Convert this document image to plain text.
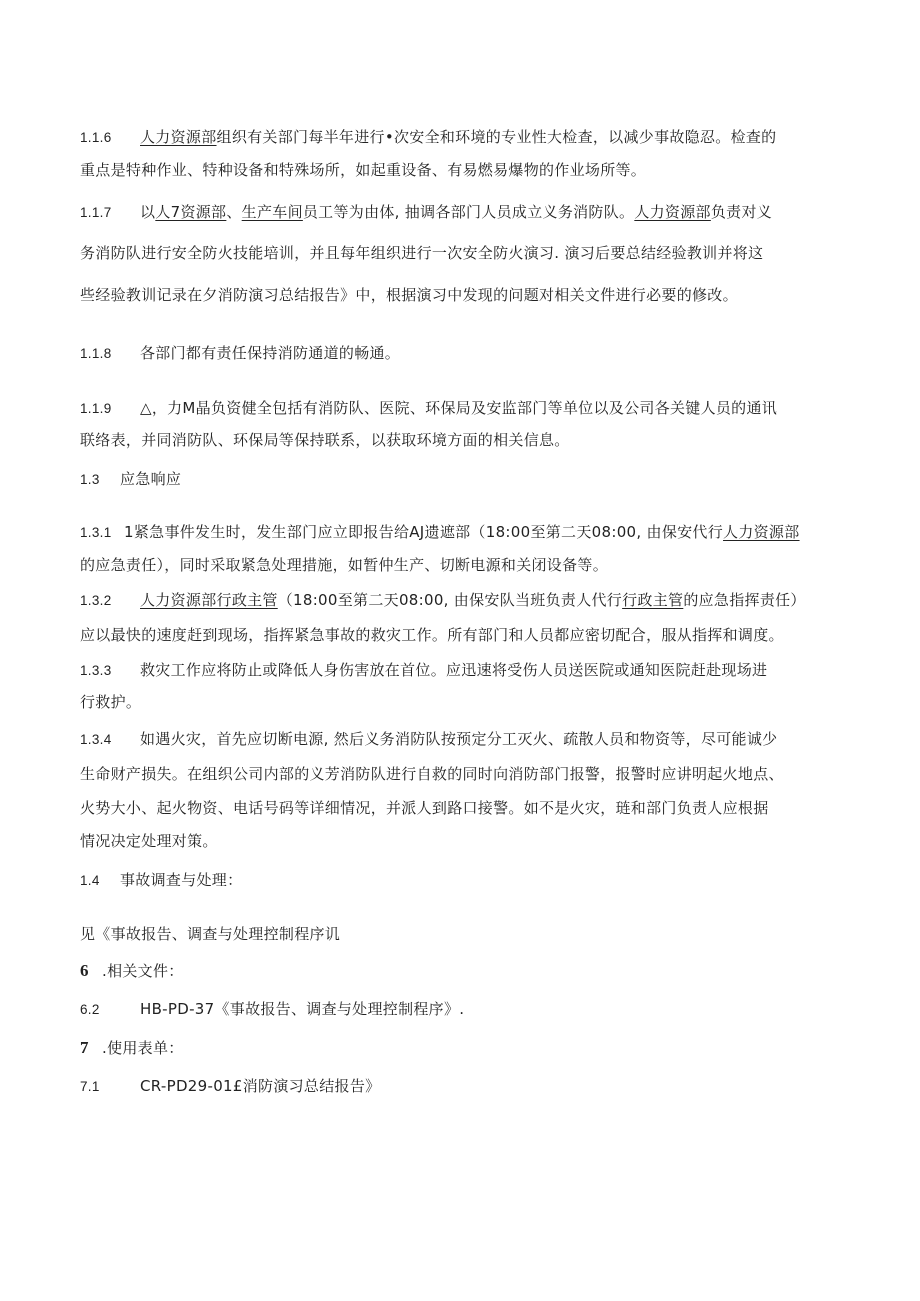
1.1.6 人力资源部组织有关部门每半年进行•次安全和环境的专业性大检查，以减少事故隐忍。检查的
重点是特种作业、特种设备和特殊场所，如起重设备、有易燃易爆物的作业场所等。
1.1.7 以人7资源部、生产车间员工等为由体, 抽调各部门人员成立义务消防队。人力资源部负责对义
务消防队进行安全防火技能培训，并且每年组织进行一次安全防火演习. 演习后要总结经验教训并将这
些经验教训记录在夕消防演习总结报告》中，根据演习中发现的问题对相关文件进行必要的修改。
1.1.8 各部门都有责任保持消防通道的畅通。
1.1.9 △，力M晶负资健全包括有消防队、医院、环保局及安监部门等单位以及公司各关键人员的通讯
联络表，并同消防队、环保局等保持联系，以获取环境方面的相关信息。
1.3 应急响应
1.3.1 1紧急事件发生时，发生部门应立即报告给AJ遗遮部（18:00至第二天08:00, 由保安代行人力资源部
的应急责任），同时采取紧急处理措施，如暂仲生产、切断电源和关闭设备等。
1.3.2 人力资源部行政主管（18:00至第二天08:00, 由保安队当班负责人代行行政主管的应急指挥责任）
应以最快的速度赶到现场，指挥紧急事故的救灾工作。所有部门和人员都应密切配合，服从指挥和调度。
1.3.3 救灾工作应将防止或降低人身伤害放在首位。应迅速将受伤人员送医院或通知医院赶赴现场进
行救护。
1.3.4 如遇火灾，首先应切断电源, 然后义务消防队按预定分工灭火、疏散人员和物资等，尽可能诚少
生命财产损失。在组织公司内部的义芳消防队进行自救的同时向消防部门报警，报警时应讲明起火地点、
火势大小、起火物资、电话号码等详细情况，并派人到路口接警。如不是火灾，琏和部门负责人应根据
情况决定处理对策。
1.4 事故调查与处理：
见《事故报告、调查与处理控制程序讥
6 .相关文件：
6.2	HB-PD-37《事故报告、调查与处理控制程序》.
7 .使用表单：
7.1	CR-PD29-01£消防演习总结报告》
